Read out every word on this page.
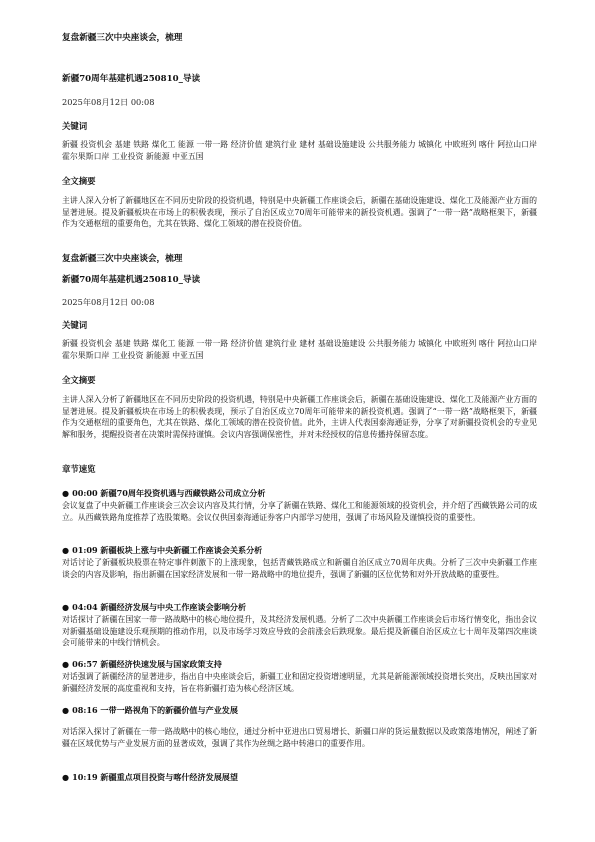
复盘新疆三次中央座谈会，梳理
新疆70周年基建机遇250810_导读
2025年08月12日 00:08
关键词
新疆 投资机会 基建 铁路 煤化工 能源 一带一路 经济价值 建筑行业 建材 基础设施建设 公共服务能力 城镇化 中欧班列 喀什 阿拉山口岸 霍尔果斯口岸 工业投资 新能源 中亚五国
全文摘要
主讲人深入分析了新疆地区在不同历史阶段的投资机遇，特别是中央新疆工作座谈会后，新疆在基础设施建设、煤化工及能源产业方面的显著进展。提及新疆板块在市场上的积极表现，预示了自治区成立70周年可能带来的新投资机遇。强调了“一带一路”战略框架下，新疆作为交通枢纽的重要角色，尤其在铁路、煤化工领域的潜在投资价值。
复盘新疆三次中央座谈会，梳理
新疆70周年基建机遇250810_导读
2025年08月12日 00:08
关键词
新疆 投资机会 基建 铁路 煤化工 能源 一带一路 经济价值 建筑行业 建材 基础设施建设 公共服务能力 城镇化 中欧班列 喀什 阿拉山口岸 霍尔果斯口岸 工业投资 新能源 中亚五国
全文摘要
主讲人深入分析了新疆地区在不同历史阶段的投资机遇，特别是中央新疆工作座谈会后，新疆在基础设施建设、煤化工及能源产业方面的显著进展。提及新疆板块在市场上的积极表现，预示了自治区成立70周年可能带来的新投资机遇。强调了“一带一路”战略框架下，新疆作为交通枢纽的重要角色，尤其在铁路、煤化工领域的潜在投资价值。此外，主讲人代表国泰海通证券，分享了对新疆投资机会的专业见解和服务，提醒投资者在决策时需保持谨慎。会议内容强调保密性，并对未经授权的信息传播持保留态度。
章节速览
● 00:00 新疆70周年投资机遇与西藏铁路公司成立分析
会议复盘了中央新疆工作座谈会三次会议内容及其行情，分享了新疆在铁路、煤化工和能源领域的投资机会，并介绍了西藏铁路公司的成立。从西藏铁路角度推荐了选股策略。会议仅供国泰海通证券客户内部学习使用，强调了市场风险及谨慎投资的重要性。
● 01:09 新疆板块上涨与中央新疆工作座谈会关系分析
对话讨论了新疆板块股票在特定事件刺激下的上涨现象，包括青藏铁路成立和新疆自治区成立70周年庆典。分析了三次中央新疆工作座谈会的内容及影响，指出新疆在国家经济发展和一带一路战略中的地位提升，强调了新疆的区位优势和对外开放战略的重要性。
● 04:04 新疆经济发展与中央工作座谈会影响分析
对话探讨了新疆在国家一带一路战略中的核心地位提升，及其经济发展机遇。分析了二次中央新疆工作座谈会后市场行情变化，指出会议对新疆基础设施建设乐观预期的推动作用，以及市场学习效应导致的会前涨会后跌现象。最后提及新疆自治区成立七十周年及第四次座谈会可能带来的中线行情机会。
● 06:57 新疆经济快速发展与国家政策支持
对话强调了新疆经济的显著进步，指出自中央座谈会后，新疆工业和固定投资增速明显，尤其是新能源领域投资增长突出，反映出国家对新疆经济发展的高度重视和支持，旨在将新疆打造为核心经济区域。
● 08:16 一带一路视角下的新疆价值与产业发展
对话深入探讨了新疆在一带一路战略中的核心地位，通过分析中亚进出口贸易增长、新疆口岸的货运量数据以及政策落地情况，阐述了新疆在区域优势与产业发展方面的显著成效，强调了其作为丝绸之路中转港口的重要作用。
● 10:19 新疆重点项目投资与喀什经济发展展望
